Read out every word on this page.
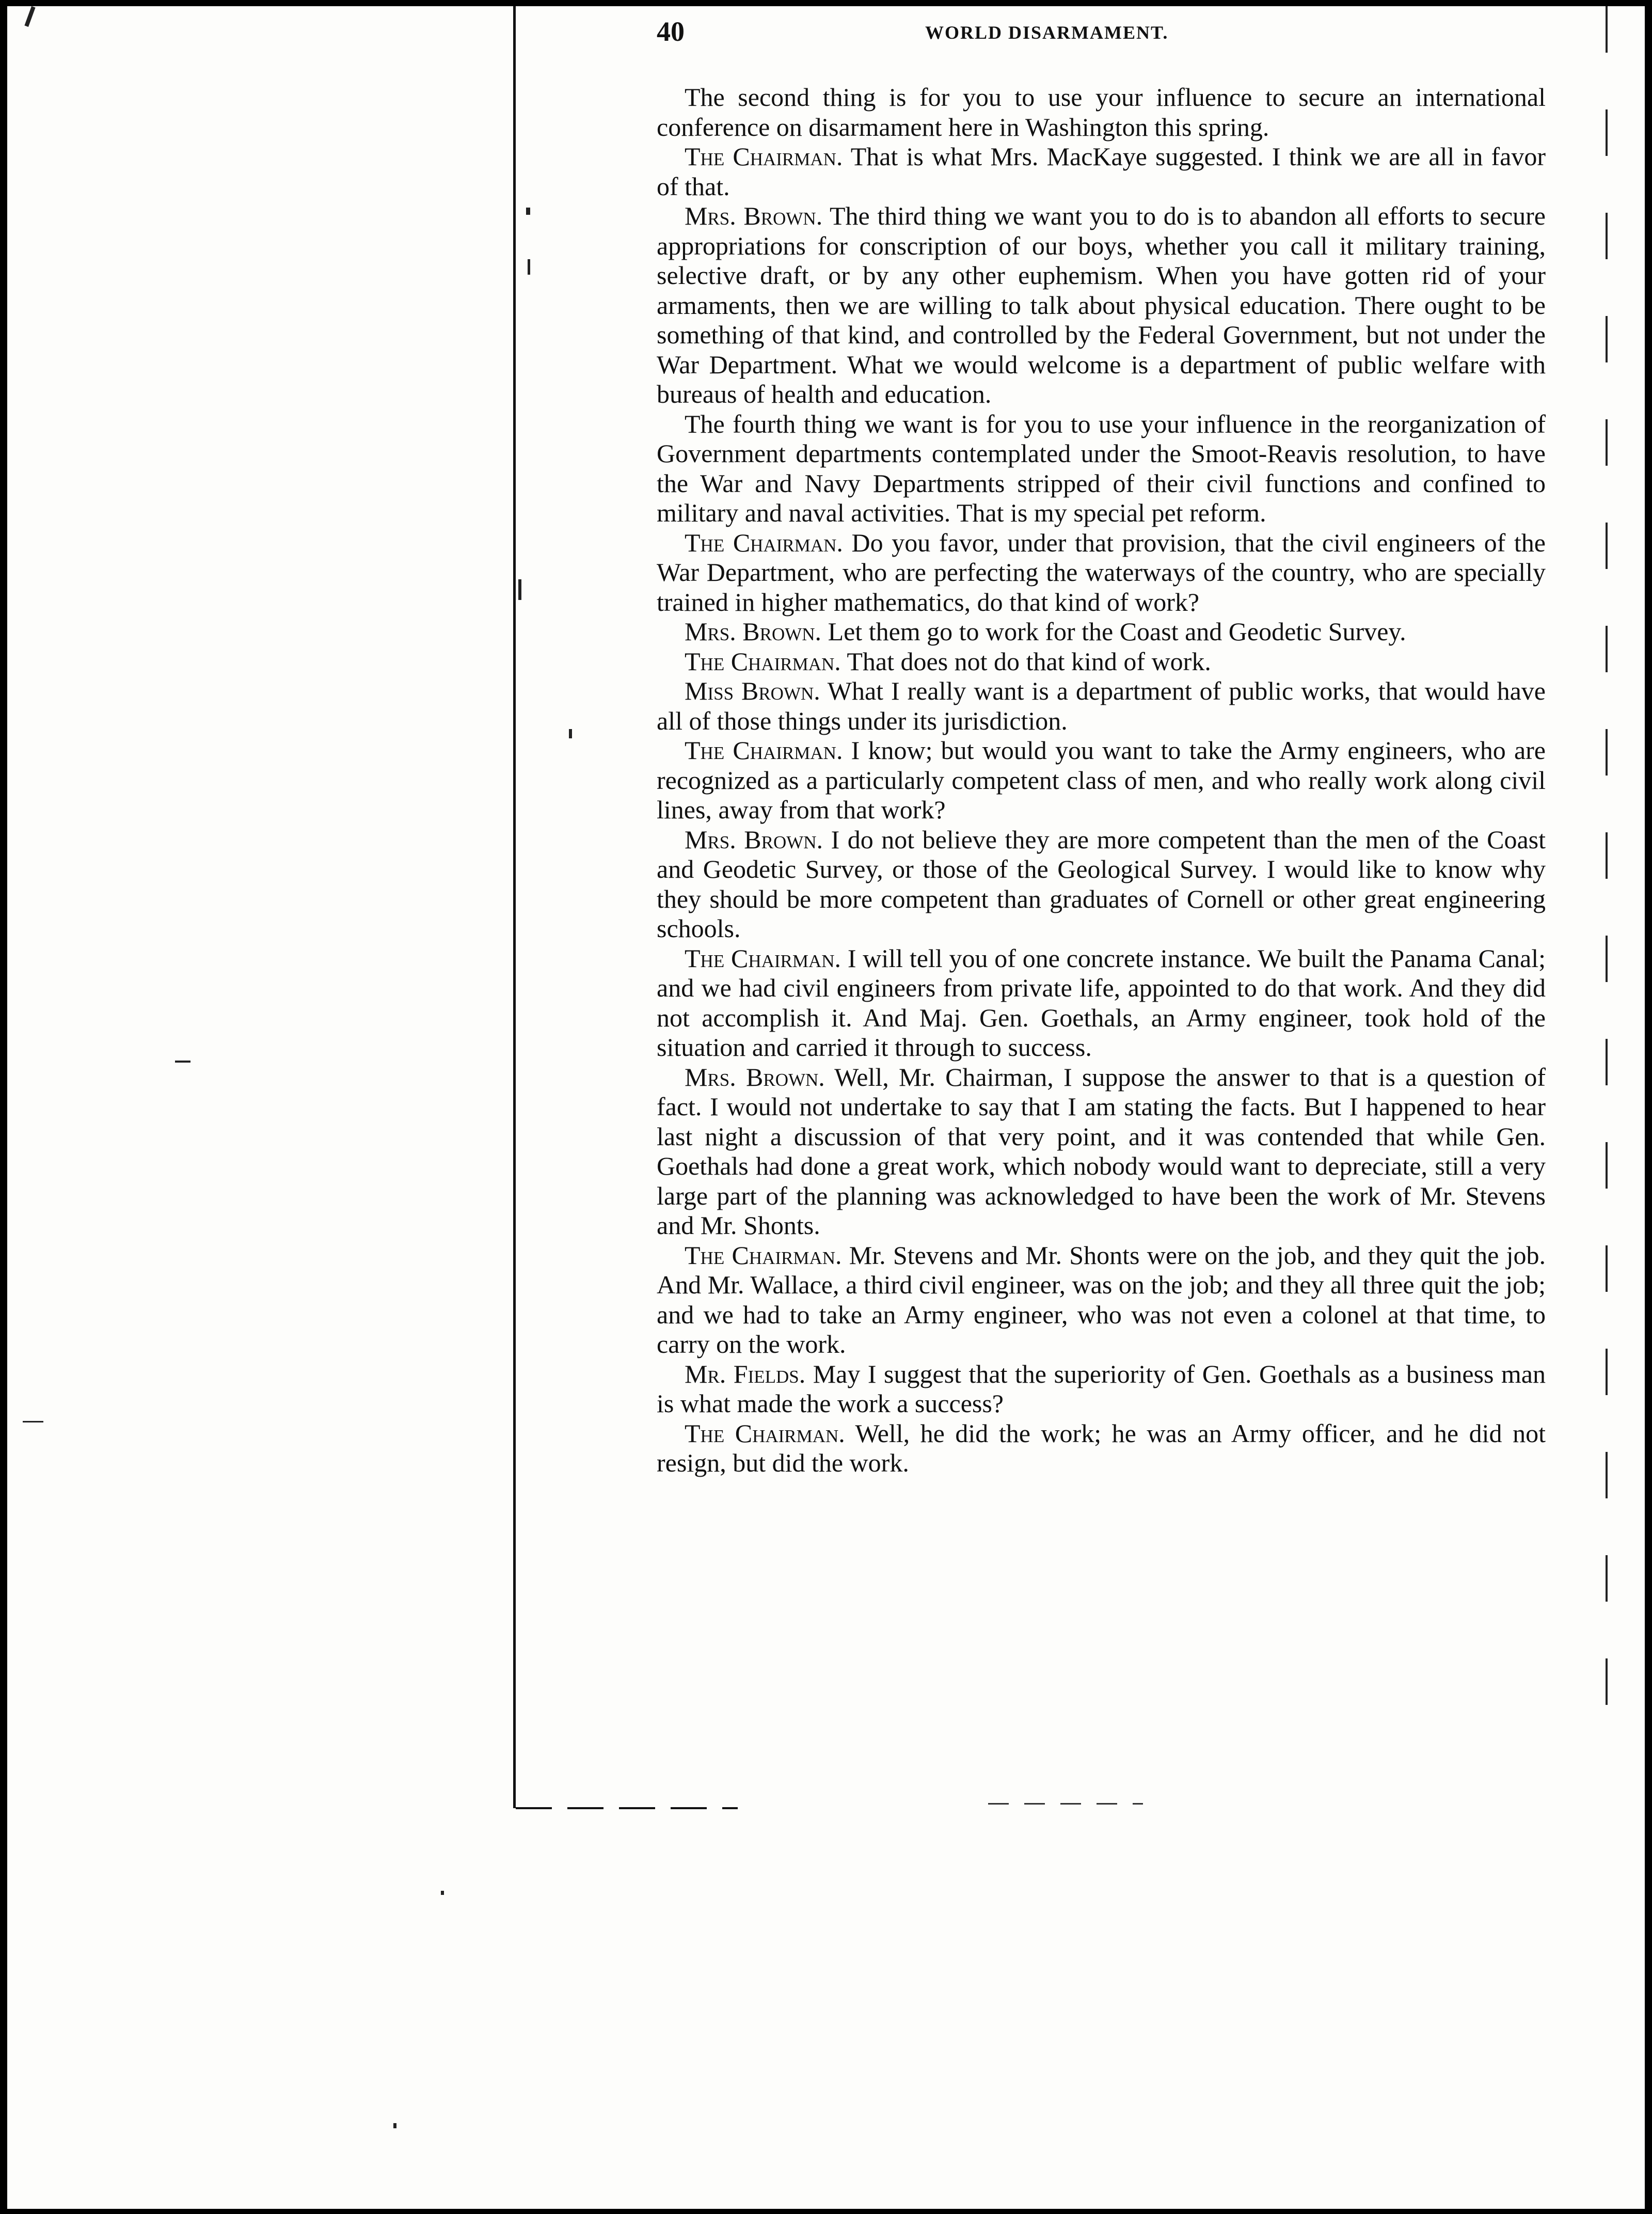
40	WORLD DISARMAMENT.

The second thing is for you to use your influence to secure an international conference on disarmament here in Washington this spring.

The Chairman. That is what Mrs. MacKaye suggested. I think we are all in favor of that.

Mrs. Brown. The third thing we want you to do is to abandon all efforts to secure appropriations for conscription of our boys, whether you call it military training, selective draft, or by any other euphemism. When you have gotten rid of your armaments, then we are willing to talk about physical education. There ought to be something of that kind, and controlled by the Federal Government, but not under the War Department. What we would welcome is a department of public welfare with bureaus of health and education.

The fourth thing we want is for you to use your influence in the reorganization of Government departments contemplated under the Smoot-Reavis resolution, to have the War and Navy Departments stripped of their civil functions and confined to military and naval activities. That is my special pet reform.

The Chairman. Do you favor, under that provision, that the civil engineers of the War Department, who are perfecting the waterways of the country, who are specially trained in higher mathematics, do that kind of work?

Mrs. Brown. Let them go to work for the Coast and Geodetic Survey.

The Chairman. That does not do that kind of work.

Miss Brown. What I really want is a department of public works, that would have all of those things under its jurisdiction.

The Chairman. I know; but would you want to take the Army engineers, who are recognized as a particularly competent class of men, and who really work along civil lines, away from that work?

Mrs. Brown. I do not believe they are more competent than the men of the Coast and Geodetic Survey, or those of the Geological Survey. I would like to know why they should be more competent than graduates of Cornell or other great engineering schools.

The Chairman. I will tell you of one concrete instance. We built the Panama Canal; and we had civil engineers from private life, appointed to do that work. And they did not accomplish it. And Maj. Gen. Goethals, an Army engineer, took hold of the situation and carried it through to success.

Mrs. Brown. Well, Mr. Chairman, I suppose the answer to that is a question of fact. I would not undertake to say that I am stating the facts. But I happened to hear last night a discussion of that very point, and it was contended that while Gen. Goethals had done a great work, which nobody would want to depreciate, still a very large part of the planning was acknowledged to have been the work of Mr. Stevens and Mr. Shonts.

The Chairman. Mr. Stevens and Mr. Shonts were on the job, and they quit the job. And Mr. Wallace, a third civil engineer, was on the job; and they all three quit the job; and we had to take an Army engineer, who was not even a colonel at that time, to carry on the work.

Mr. Fields. May I suggest that the superiority of Gen. Goethals as a business man is what made the work a success?

The Chairman. Well, he did the work; he was an Army officer, and he did not resign, but did the work.
